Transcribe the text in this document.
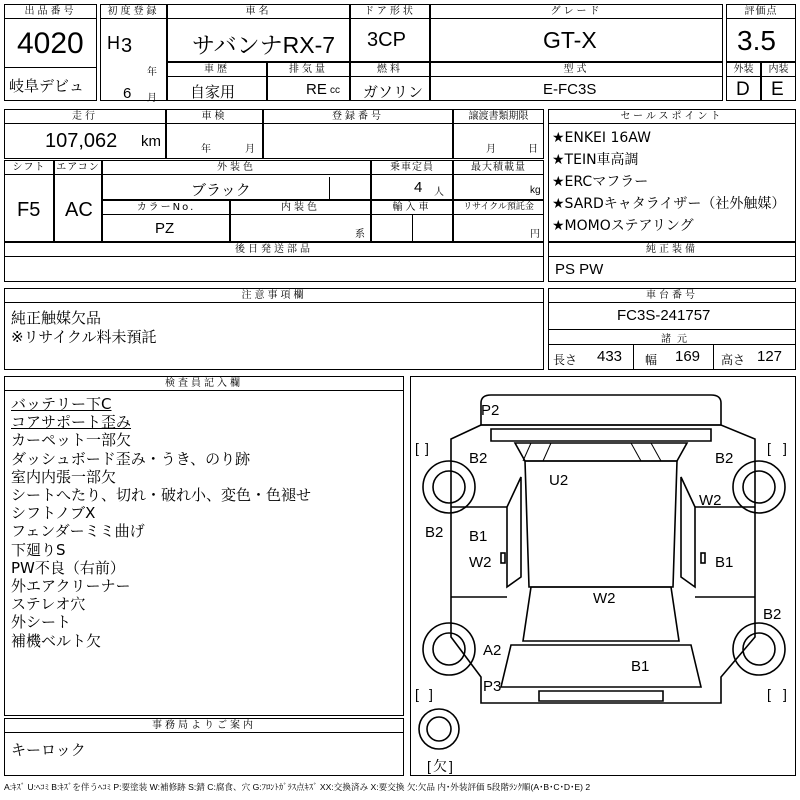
出品番号
4020
岐阜デビュ
初度登録
H 3
年
6 月
車名
サバンナRX-7
ドア形状
3CP
グレード
GT-X
評価点
3.5
車歴
自家用
排気量
RE cc
燃料
ガソリン
型式
E-FC3S
外装
D
内装
E
走行
107,062 km
車検
年	月
登録番号	譲渡書類期限
月	日
シフト
F5
エアコン
AC
外装色
ブラック
乗車定員
4 人
最大積載量
kg
カラーNo.
PZ
内装色
系
輸入車	リサイクル預託金
円
後日発送部品
セールスポイント
★ENKEI 16AW
★TEIN車高調
★ERCマフラー
★SARDキャタライザー（社外触媒）
★MOMOステアリング
純正装備
PS PW
注意事項欄
純正触媒欠品
※リサイクル料未預託
車台番号
FC3S-241757
諸元
長さ 433 幅 169 高さ 127
検査員記入欄
バッテリー下C
コアサポート歪み
カーペット一部欠
ダッシュボード歪み・うき、のり跡
室内内張一部欠
シートへたり、切れ・破れ小、変色・色褪せ
シフトノブX
フェンダーミミ曲げ
下廻りS
PW不良（右前）
外エアクリーナー
ステレオ穴
外シート
補機ベルト欠
[ ]	[ ]
[ ]	[ ]
P2
U2
B2	B2
W2
B2 B1
W2	B1
W2
B2
A2
B1
P3
[ 欠 ]
事務局よりご案内
キーロック
A:ｷｽﾞ U:ﾍｺﾐ B:ｷｽﾞを伴うﾍｺﾐ P:要塗装 W:補修跡 S:錆 C:腐食、穴 G:ﾌﾛﾝﾄｶﾞﾗｽ点ｷｽﾞ XX:交換済み X:要交換 欠:欠品 内･外装評価 5段階ﾗﾝｸ順(A･B･C･D･E) 2
